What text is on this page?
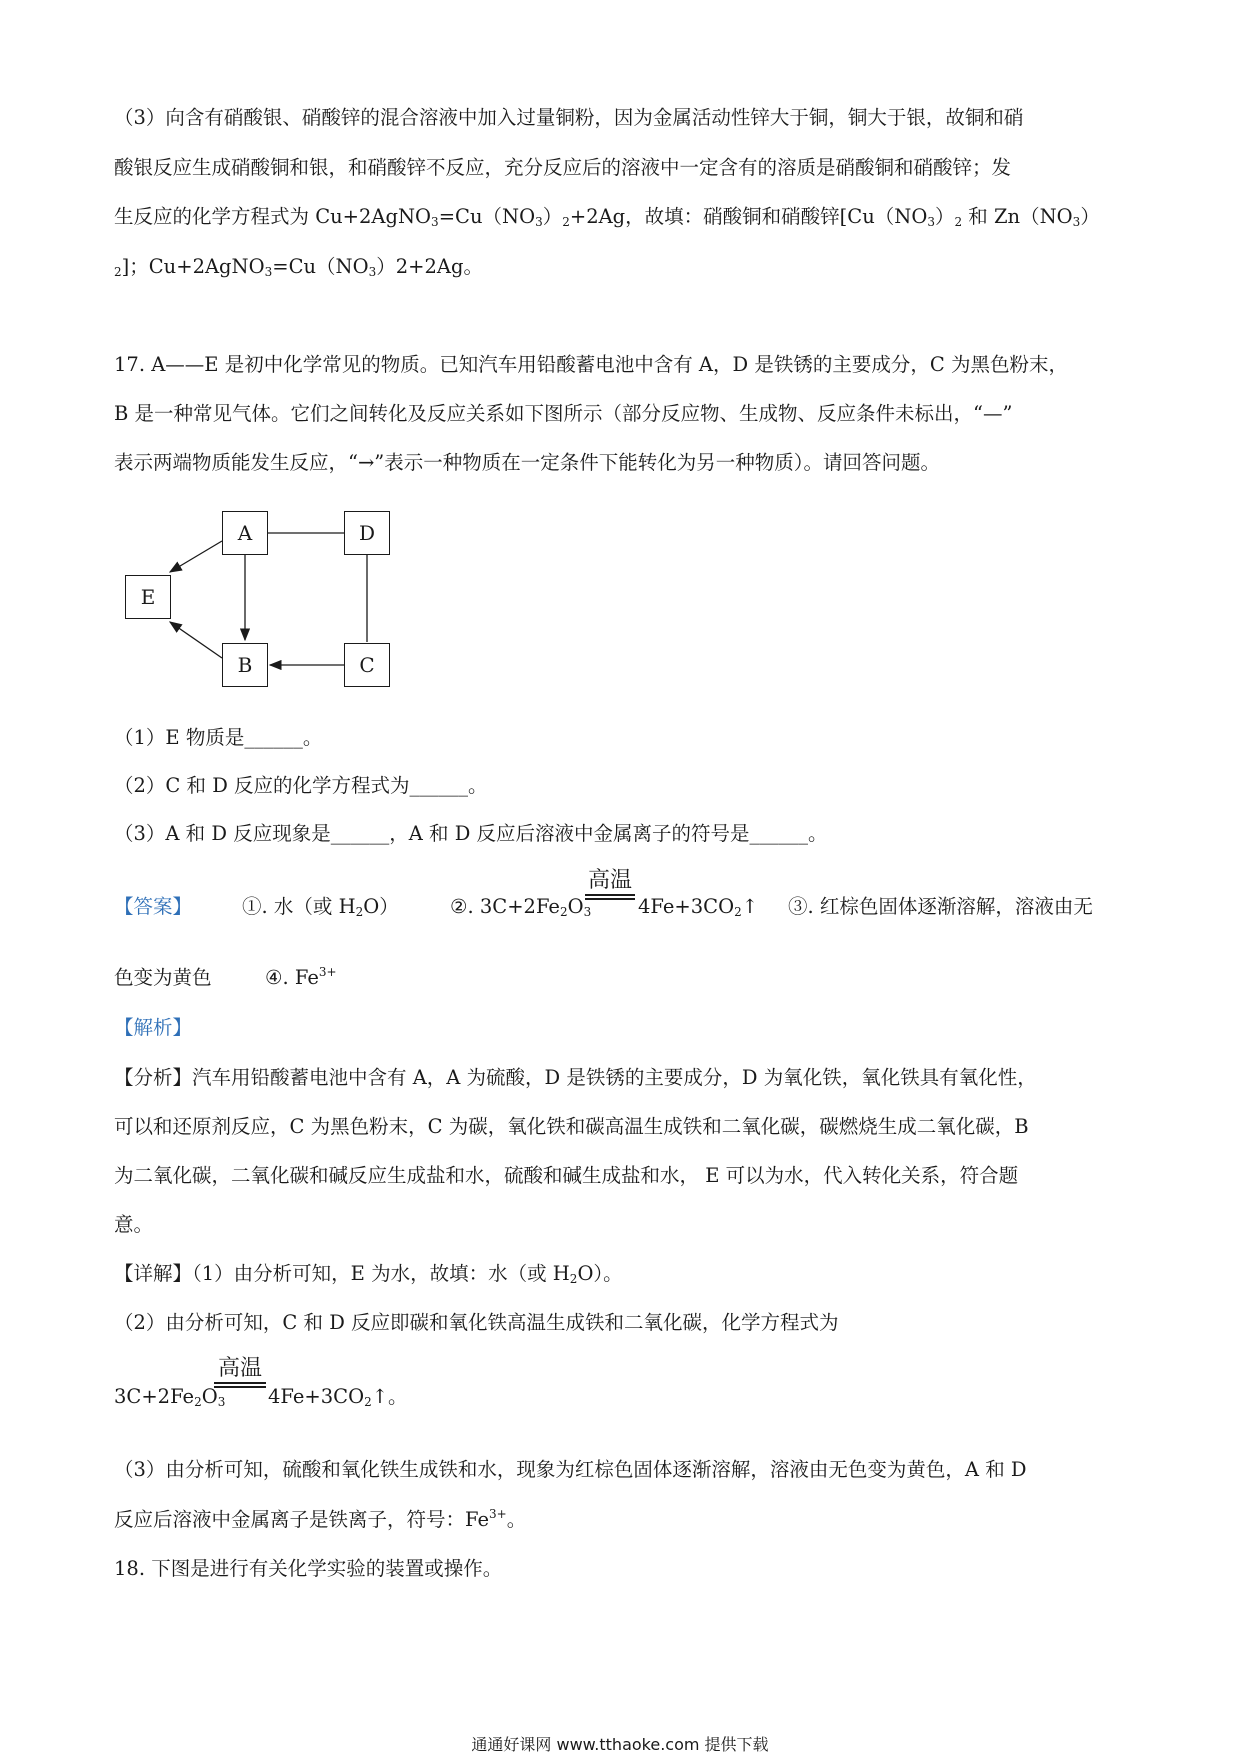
（3）向含有硝酸银、硝酸锌的混合溶液中加入过量铜粉，因为金属活动性锌大于铜，铜大于银，故铜和硝
酸银反应生成硝酸铜和银，和硝酸锌不反应，充分反应后的溶液中一定含有的溶质是硝酸铜和硝酸锌；发
生反应的化学方程式为 $Cu+2AgNO_3=Cu(NO_3)_2+2Ag$，故填：硝酸铜和硝酸锌[$Cu(NO_3)_2$ 和 $Zn(NO_3)$
$_2$]；$Cu+2AgNO_3=Cu(NO_3)2+2Ag$。
17. A——E 是初中化学常见的物质。已知汽车用铅酸蓄电池中含有 A，D 是铁锈的主要成分，C 为黑色粉末，
B 是一种常见气体。它们之间转化及反应关系如下图所示（部分反应物、生成物、反应条件未标出，“—”
表示两端物质能发生反应，“→”表示一种物质在一定条件下能转化为另一种物质）。请回答问题。
A	D
E
B	C
（1）E 物质是______。
（2）C 和 D 反应的化学方程式为______。
（3）A 和 D 反应现象是______，A 和 D 反应后溶液中金属离子的符号是______。
【答案】	①. 水（或 $H_2O$）	②. $3C+2Fe_2O_3$
高温
$4Fe+3CO_2↑$ ③. 红棕色固体逐渐溶解，溶液由无
色变为黄色	④. $Fe^{3+}$
【解析】
【分析】汽车用铅酸蓄电池中含有 A，A 为硫酸，D 是铁锈的主要成分，D 为氧化铁，氧化铁具有氧化性，
可以和还原剂反应，C 为黑色粉末，C 为碳，氧化铁和碳高温生成铁和二氧化碳，碳燃烧生成二氧化碳，B
为二氧化碳，二氧化碳和碱反应生成盐和水，硫酸和碱生成盐和水， E 可以为水，代入转化关系，符合题
意。
【详解】（1）由分析可知，E 为水，故填：水（或 $H_2O$）。
（2）由分析可知，C 和 D 反应即碳和氧化铁高温生成铁和二氧化碳，化学方程式为
$3C+2Fe_2O_3$
高温
$4Fe+3CO_2↑$。
（3）由分析可知，硫酸和氧化铁生成铁和水，现象为红棕色固体逐渐溶解，溶液由无色变为黄色，A 和 D
反应后溶液中金属离子是铁离子，符号：$Fe^{3+}$。
18. 下图是进行有关化学实验的装置或操作。
通通好课网 www.tthaoke.com 提供下载
